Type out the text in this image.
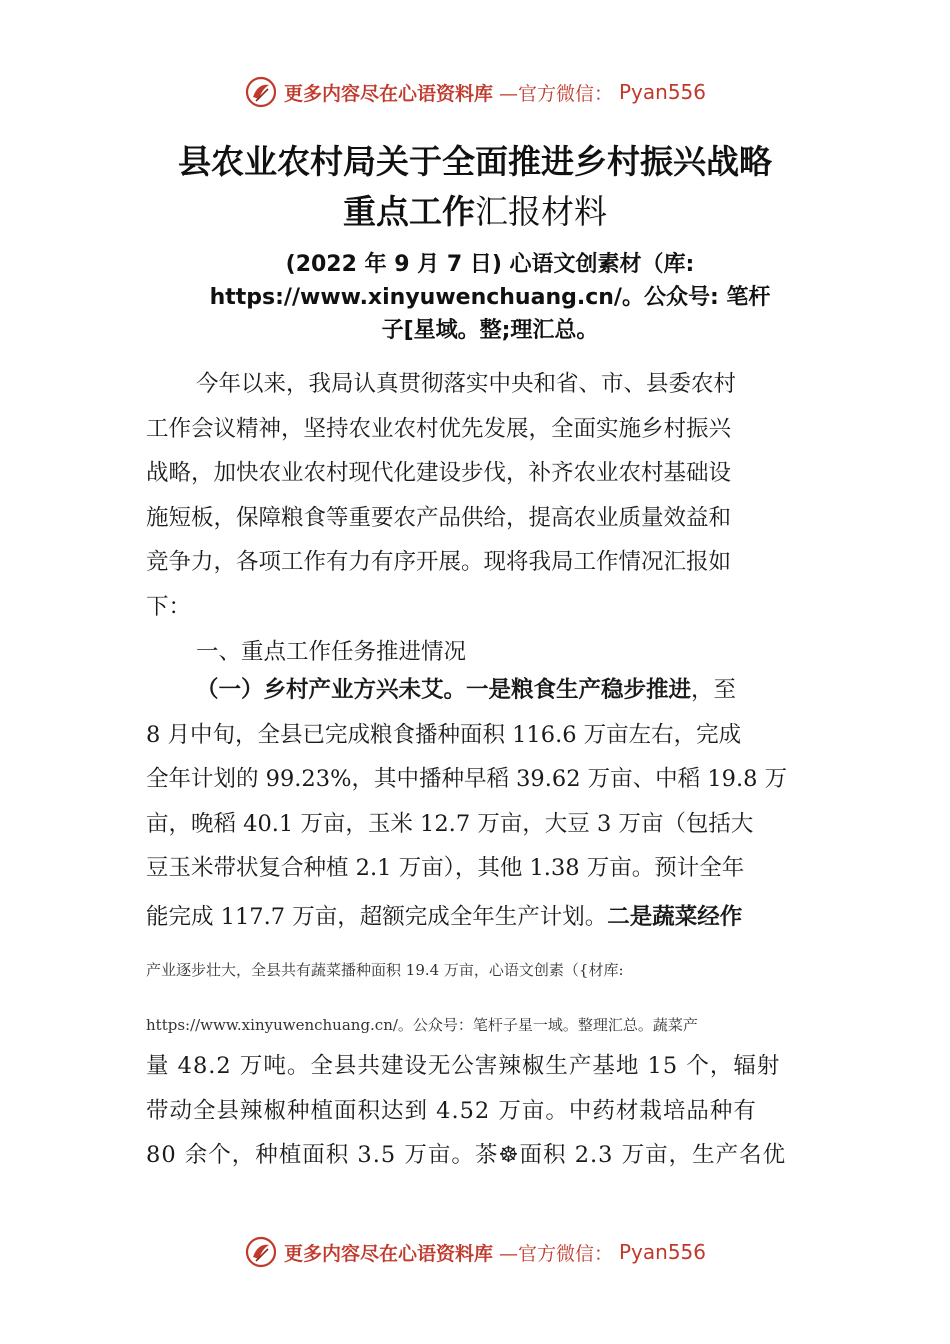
更多内容尽在心语资料库 —官方微信： Pyan556
县农业农村局关于全面推进乡村振兴战略
重点工作汇报材料
(2022 年 9 月 7 日) 心语文创素材（库:
https://www.xinyuwenchuang.cn/。公众号: 笔杆
子[星域。整;理汇总。
今年以来，我局认真贯彻落实中央和省、市、县委农村
工作会议精神，坚持农业农村优先发展，全面实施乡村振兴
战略，加快农业农村现代化建设步伐，补齐农业农村基础设
施短板，保障粮食等重要农产品供给，提高农业质量效益和
竞争力，各项工作有力有序开展。现将我局工作情况汇报如
下：
一、重点工作任务推进情况
（一）乡村产业方兴未艾。一是粮食生产稳步推进，至
8 月中旬，全县已完成粮食播种面积 116.6 万亩左右，完成
全年计划的 99.23%，其中播种早稻 39.62 万亩、中稻 19.8 万
亩，晚稻 40.1 万亩，玉米 12.7 万亩，大豆 3 万亩（包括大
豆玉米带状复合种植 2.1 万亩），其他 1.38 万亩。预计全年
能完成 117.7 万亩，超额完成全年生产计划。二是蔬菜经作
产业逐步壮大，全县共有蔬菜播种面积 19.4 万亩，心语文创素（{材库:
https://www.xinyuwenchuang.cn/。公众号：笔杆子星一域。整理汇总。蔬菜产
量 48.2 万吨。全县共建设无公害辣椒生产基地 15 个，辐射
带动全县辣椒种植面积达到 4.52 万亩。中药材栽培品种有
80 余个，种植面积 3.5 万亩。茶☸面积 2.3 万亩，生产名优
更多内容尽在心语资料库 —官方微信： Pyan556
